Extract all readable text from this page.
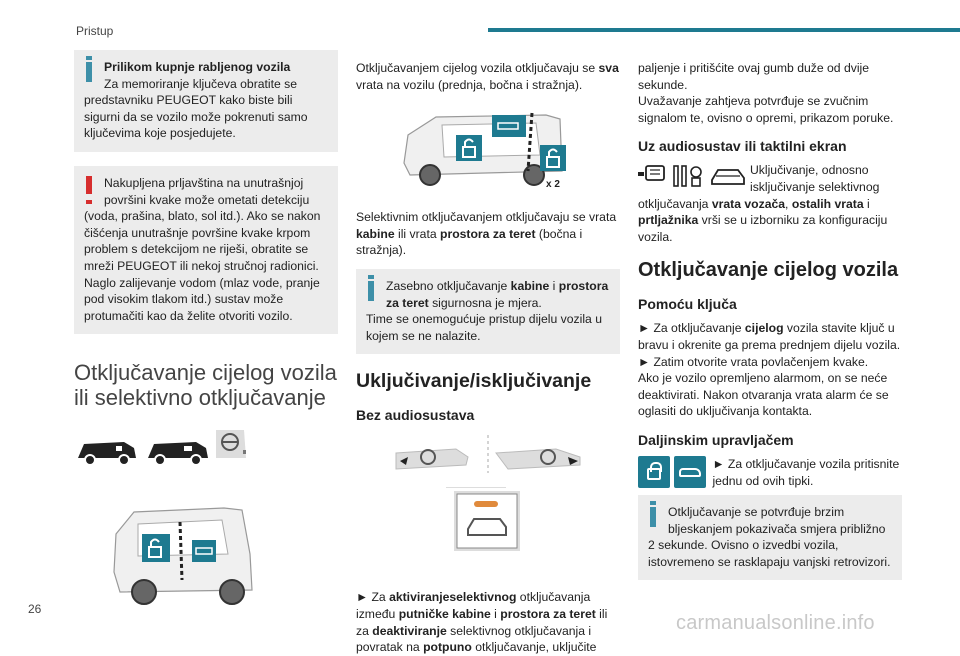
Pristup

Prilikom kupnje rabljenog vozila
Za memoriranje ključeva obratite se

predstavniku PEUGEOT kako biste bili sigurni da se vozilo može pokrenuti samo ključevima koje posjedujete.

Nakupljena prljavština na unutrašnjoj površini kvake može ometati detekciju

(voda, prašina, blato, sol itd.). Ako se nakon čišćenja unutrašnje površine kvake krpom problem s detekcijom ne riješi, obratite se mreži PEUGEOT ili nekoj stručnoj radionici. Naglo zalijevanje vodom (mlaz vode, pranje pod visokim tlakom itd.) sustav može protumačiti kao da želite otvoriti vozilo.

Otključavanje cijelog vozila ili selektivno otključavanje

Otključavanjem cijelog vozila otključavaju se sva vrata na vozilu (prednja, bočna i stražnja).

x 2

Selektivnim otključavanjem otključavaju se vrata kabine ili vrata prostora za teret (bočna i stražnja).

Zasebno otključavanje kabine i prostora za teret sigurnosna je mjera.

Time se onemogućuje pristup dijelu vozila u kojem se ne nalazite.

Uključivanje/isključivanje
Bez audiosustava

► Za aktiviranjeselektivnog otključavanja između putničke kabine i prostora za teret ili za deaktiviranje selektivnog otključavanja i povratak na potpuno otključavanje, uključite

paljenje i pritišćite ovaj gumb duže od dvije sekunde.

Uvažavanje zahtjeva potvrđuje se zvučnim signalom te, ovisno o opremi, prikazom poruke.

Uz audiosustav ili taktilni ekran

Uključivanje, odnosno isključivanje selektivnog

otključavanja vrata vozača, ostalih vrata i prtljažnika vrši se u izborniku za konfiguraciju vozila.

Otključavanje cijelog vozila
Pomoću ključa

► Za otključavanje cijelog vozila stavite ključ u bravu i okrenite ga prema prednjem dijelu vozila.

► Zatim otvorite vrata povlačenjem kvake.

Ako je vozilo opremljeno alarmom, on se neće deaktivirati. Nakon otvaranja vrata alarm će se oglasiti do uključivanja kontakta.

Daljinskim upravljačem

► Za otključavanje vozila pritisnite jednu od ovih tipki.

Otključavanje se potvrđuje brzim bljeskanjem pokazivača smjera približno

2 sekunde. Ovisno o izvedbi vozila, istovremeno se rasklapaju vanjski retrovizori.

26
carmanualsonline.info
